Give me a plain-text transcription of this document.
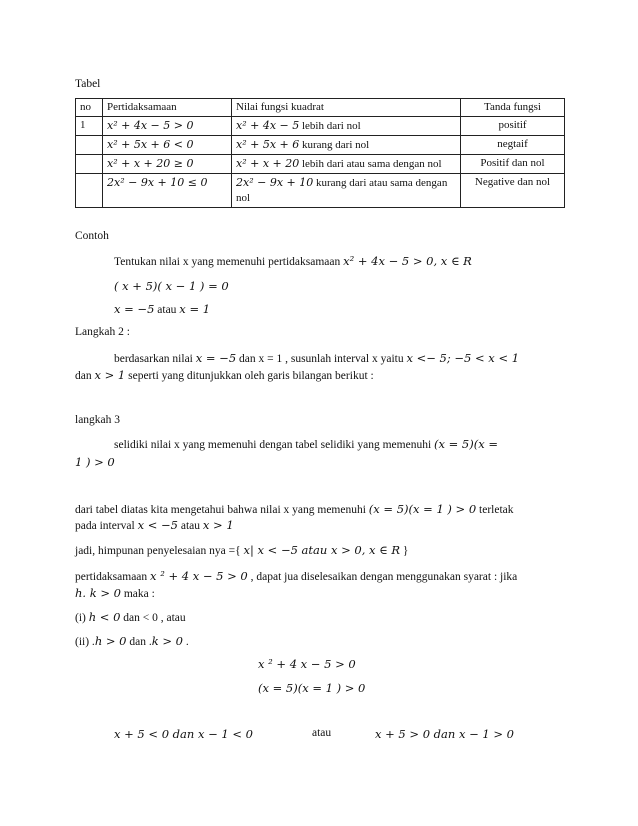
Tabel
no	Pertidaksamaan	Nilai fungsi kuadrat	Tanda fungsi
1	x² + 4x − 5 > 0	x² + 4x − 5 lebih dari nol	positif
	x² + 5x + 6 < 0	x² + 5x + 6 kurang dari nol	negtaif
	x² + x + 20 ≥ 0	x² + x + 20 lebih dari atau sama dengan nol	Positif dan nol
	2x² − 9x + 10 ≤ 0	2x² − 9x + 10 kurang dari atau sama dengan nol	Negative dan nol
Contoh
Tentukan nilai x yang memenuhi pertidaksamaan x² + 4x − 5 > 0, x ∈ R
( x + 5)( x − 1 ) = 0
x = −5 atau x = 1
Langkah 2 :
berdasarkan nilai x = −5 dan x = 1 , susunlah interval x yaitu x <− 5; −5 < x < 1
dan x > 1 seperti yang ditunjukkan oleh garis bilangan berikut :
langkah 3
selidiki nilai x yang memenuhi dengan tabel selidiki yang memenuhi (x = 5)(x =
1 ) > 0
dari tabel diatas kita mengetahui bahwa nilai x yang memenuhi (x = 5)(x = 1 ) > 0 terletak
pada interval x < −5 atau x > 1
jadi, himpunan penyelesaian nya ={ x| x < −5 atau x > 0, x ∈ R }
pertidaksamaan x ² + 4 x − 5 > 0 , dapat jua diselesaikan dengan menggunakan syarat : jika
h. k > 0 maka :
(i) h < 0 dan < 0 , atau
(ii) .h > 0 dan .k > 0 .
x ² + 4 x − 5 > 0
(x = 5)(x = 1 ) > 0
x + 5 < 0 dan x − 1 < 0	atau	x + 5 > 0 dan x − 1 > 0
